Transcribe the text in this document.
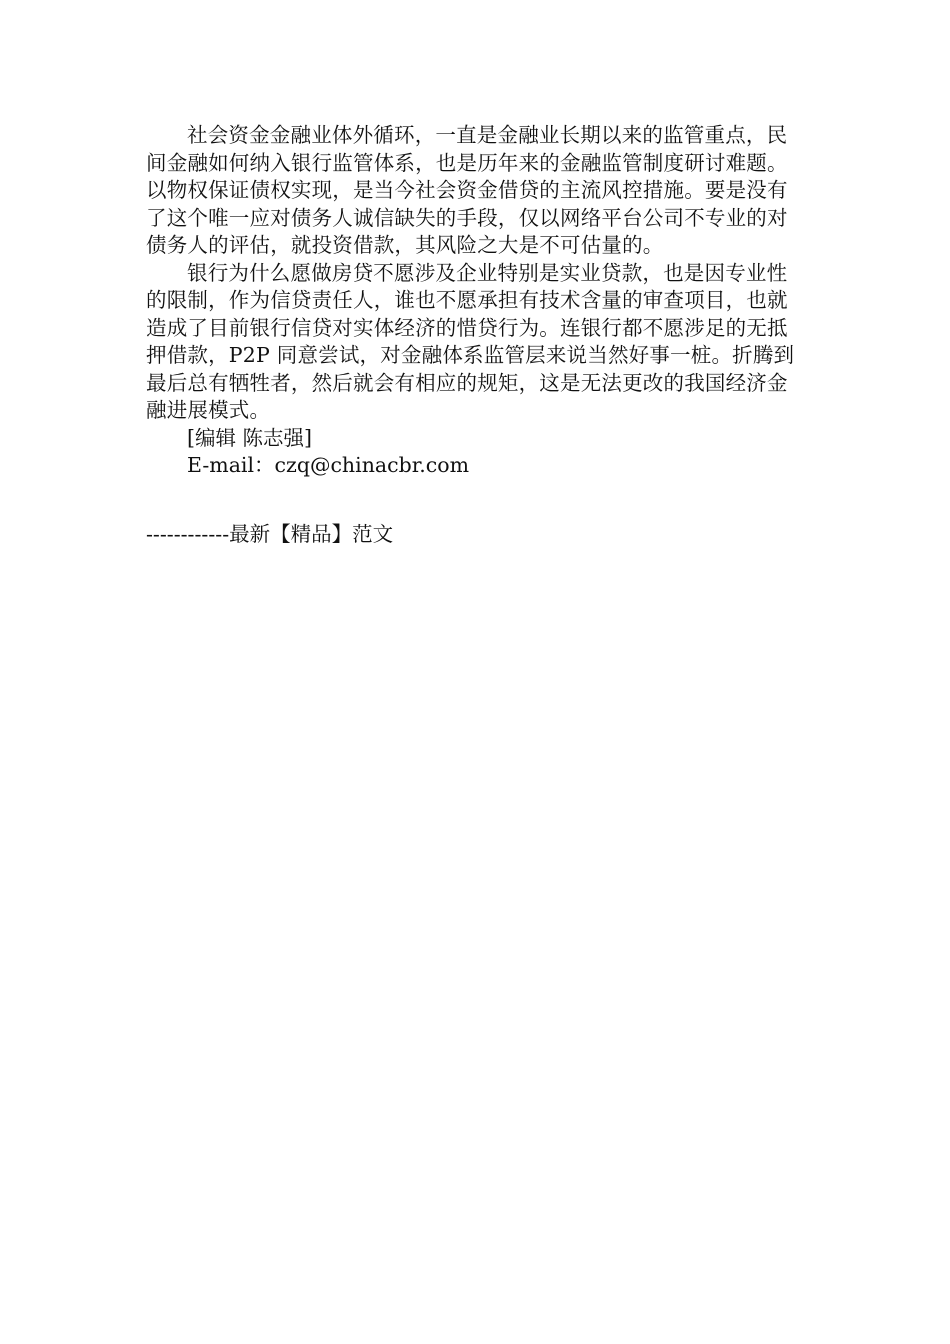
社会资金金融业体外循环，一直是金融业长期以来的监管重点，民间金融如何纳入银行监管体系，也是历年来的金融监管制度研讨难题。以物权保证债权实现，是当今社会资金借贷的主流风控措施。要是没有了这个唯一应对债务人诚信缺失的手段，仅以网络平台公司不专业的对债务人的评估，就投资借款，其风险之大是不可估量的。

银行为什么愿做房贷不愿涉及企业特别是实业贷款，也是因专业性的限制，作为信贷责任人，谁也不愿承担有技术含量的审查项目，也就造成了目前银行信贷对实体经济的惜贷行为。连银行都不愿涉足的无抵押借款，P2P 同意尝试，对金融体系监管层来说当然好事一桩。折腾到最后总有牺牲者，然后就会有相应的规矩，这是无法更改的我国经济金融进展模式。

[编辑 陈志强]

E-mail：czq@chinacbr.com

------------最新【精品】范文
